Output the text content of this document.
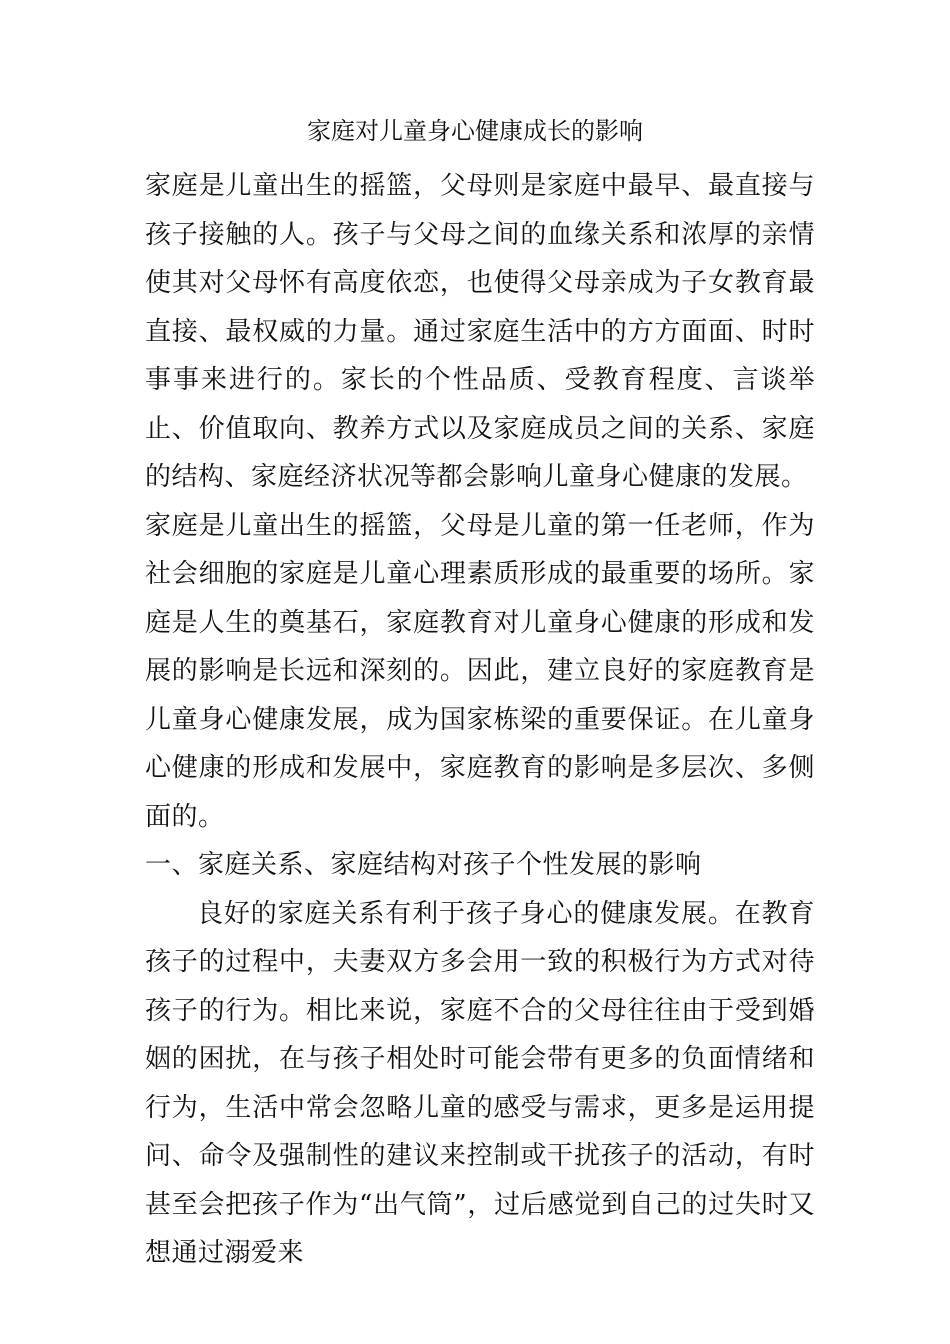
家庭对儿童身心健康成长的影响

家庭是儿童出生的摇篮，父母则是家庭中最早、最直接与孩子接触的人。孩子与父母之间的血缘关系和浓厚的亲情使其对父母怀有高度依恋，也使得父母亲成为子女教育最直接、最权威的力量。通过家庭生活中的方方面面、时时事事来进行的。家长的个性品质、受教育程度、言谈举止、价值取向、教养方式以及家庭成员之间的关系、家庭的结构、家庭经济状况等都会影响儿童身心健康的发展。

家庭是儿童出生的摇篮，父母是儿童的第一任老师，作为社会细胞的家庭是儿童心理素质形成的最重要的场所。家庭是人生的奠基石，家庭教育对儿童身心健康的形成和发展的影响是长远和深刻的。因此，建立良好的家庭教育是儿童身心健康发展，成为国家栋梁的重要保证。在儿童身心健康的形成和发展中，家庭教育的影响是多层次、多侧面的。

一、家庭关系、家庭结构对孩子个性发展的影响

良好的家庭关系有利于孩子身心的健康发展。在教育孩子的过程中，夫妻双方多会用一致的积极行为方式对待孩子的行为。相比来说，家庭不合的父母往往由于受到婚姻的困扰，在与孩子相处时可能会带有更多的负面情绪和行为，生活中常会忽略儿童的感受与需求，更多是运用提问、命令及强制性的建议来控制或干扰孩子的活动，有时甚至会把孩子作为“出气筒”，过后感觉到自己的过失时又想通过溺爱来
